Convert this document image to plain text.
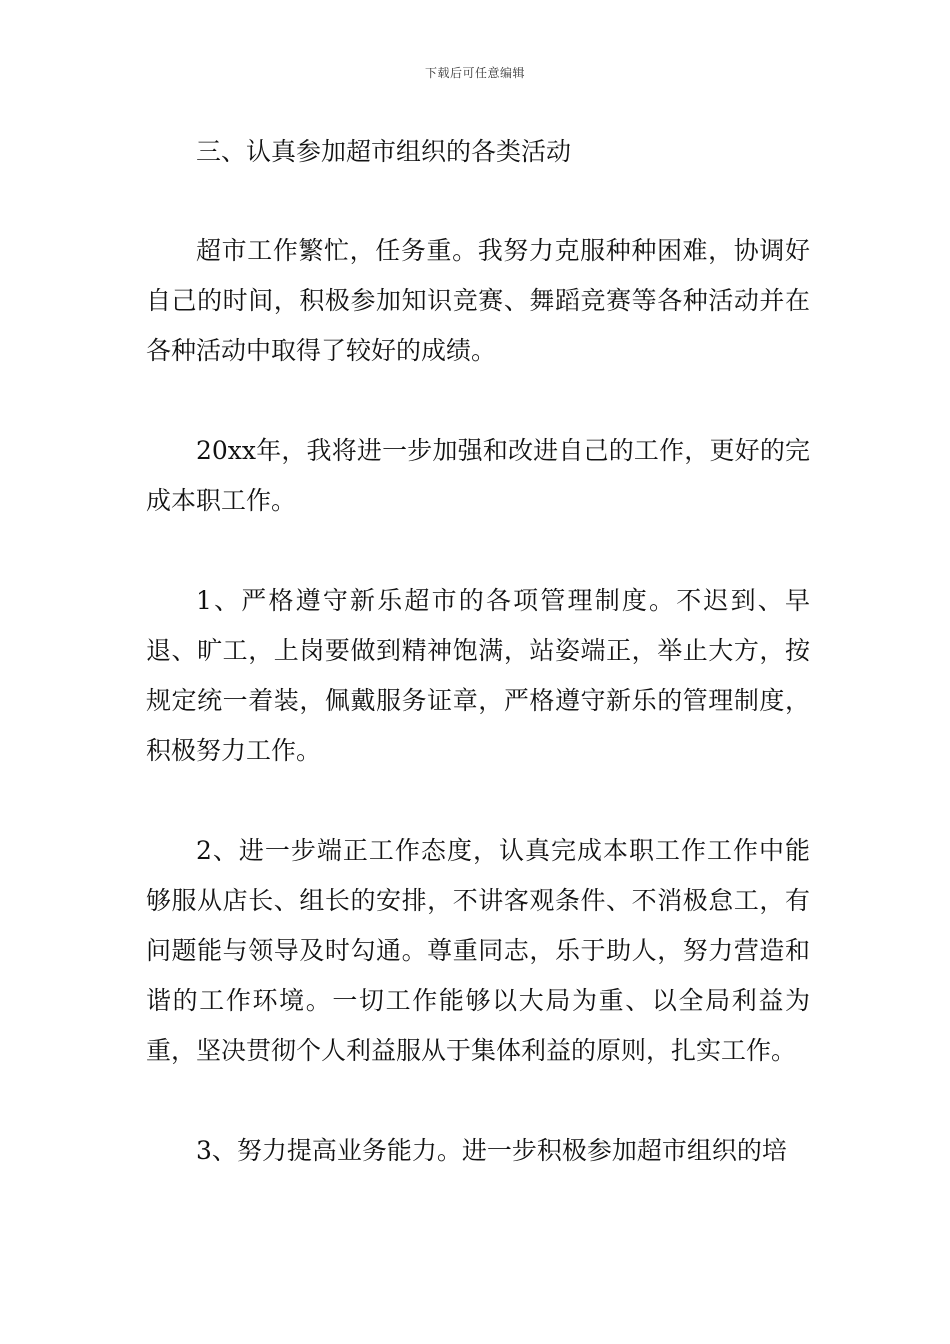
下载后可任意编辑

三、认真参加超市组织的各类活动

超市工作繁忙，任务重。我努力克服种种困难，协调好自己的时间，积极参加知识竞赛、舞蹈竞赛等各种活动并在各种活动中取得了较好的成绩。

20xx年，我将进一步加强和改进自己的工作，更好的完成本职工作。

1、严格遵守新乐超市的各项管理制度。不迟到、早退、旷工，上岗要做到精神饱满，站姿端正，举止大方，按规定统一着装，佩戴服务证章，严格遵守新乐的管理制度，积极努力工作。

2、进一步端正工作态度，认真完成本职工作工作中能够服从店长、组长的安排，不讲客观条件、不消极怠工，有问题能与领导及时勾通。尊重同志，乐于助人，努力营造和谐的工作环境。一切工作能够以大局为重、以全局利益为重，坚决贯彻个人利益服从于集体利益的原则，扎实工作。

3、努力提高业务能力。进一步积极参加超市组织的培
